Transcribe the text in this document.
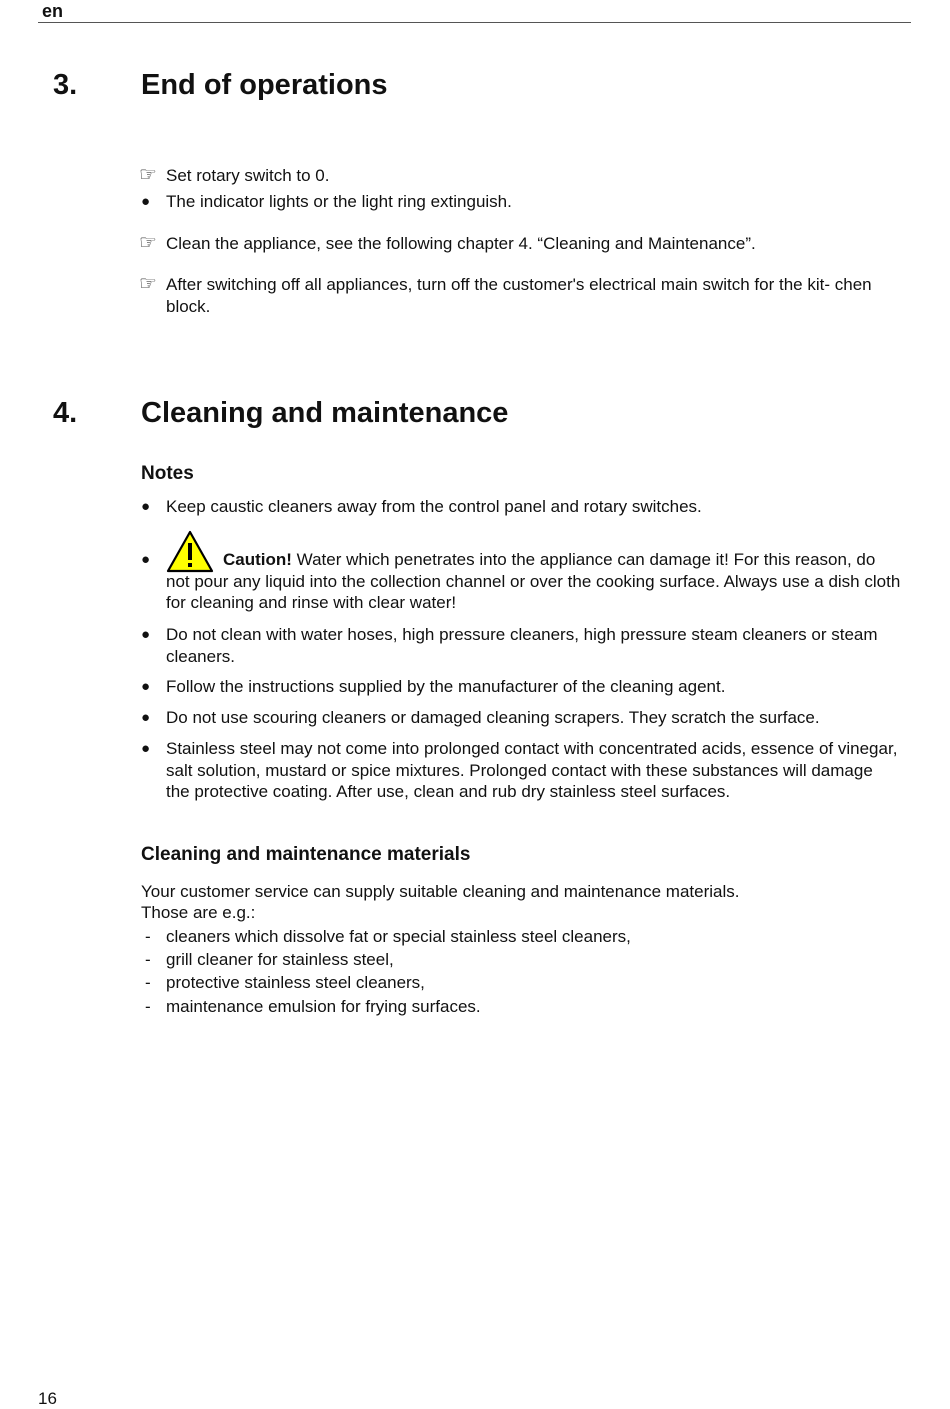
en
3. End of operations
☞ Set rotary switch to 0.
● The indicator lights or the light ring extinguish.
☞ Clean the appliance, see the following chapter 4. “Cleaning and Maintenance”.
☞ After switching off all appliances, turn off the customer's electrical main switch for the kit- chen block.
4. Cleaning and maintenance
Notes
● Keep caustic cleaners away from the control panel and rotary switches.
●	Caution! Water which penetrates into the appliance can damage it! For this reason, do not pour any liquid into the collection channel or over the cooking surface. Always use a dish cloth for cleaning and rinse with clear water!
● Do not clean with water hoses, high pressure cleaners, high pressure steam cleaners or steam cleaners.
● Follow the instructions supplied by the manufacturer of the cleaning agent.
● Do not use scouring cleaners or damaged cleaning scrapers. They scratch the surface.
● Stainless steel may not come into prolonged contact with concentrated acids, essence of vinegar, salt solution, mustard or spice mixtures. Prolonged contact with these substances will damage the protective coating. After use, clean and rub dry stainless steel surfaces.
Cleaning and maintenance materials
Your customer service can supply suitable cleaning and maintenance materials.
Those are e.g.:
- cleaners which dissolve fat or special stainless steel cleaners,
- grill cleaner for stainless steel,
- protective stainless steel cleaners,
- maintenance emulsion for frying surfaces.
16
